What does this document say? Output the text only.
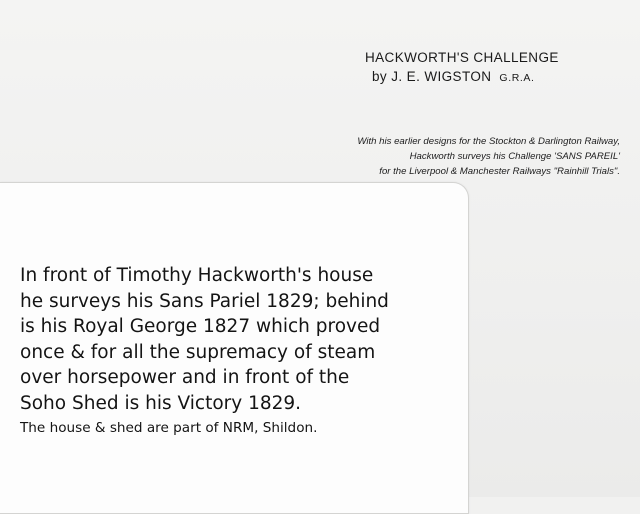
HACKWORTH'S CHALLENGE
by J. E. WIGSTON G.R.A.
With his earlier designs for the Stockton & Darlington Railway,
Hackworth surveys his Challenge 'SANS PAREIL'
for the Liverpool & Manchester Railways "Rainhill Trials".
In front of Timothy Hackworth's house
he surveys his Sans Pariel 1829; behind
is his Royal George 1827 which proved
once & for all the supremacy of steam
over horsepower and in front of the
Soho Shed is his Victory 1829.
The house & shed are part of NRM, Shildon.
